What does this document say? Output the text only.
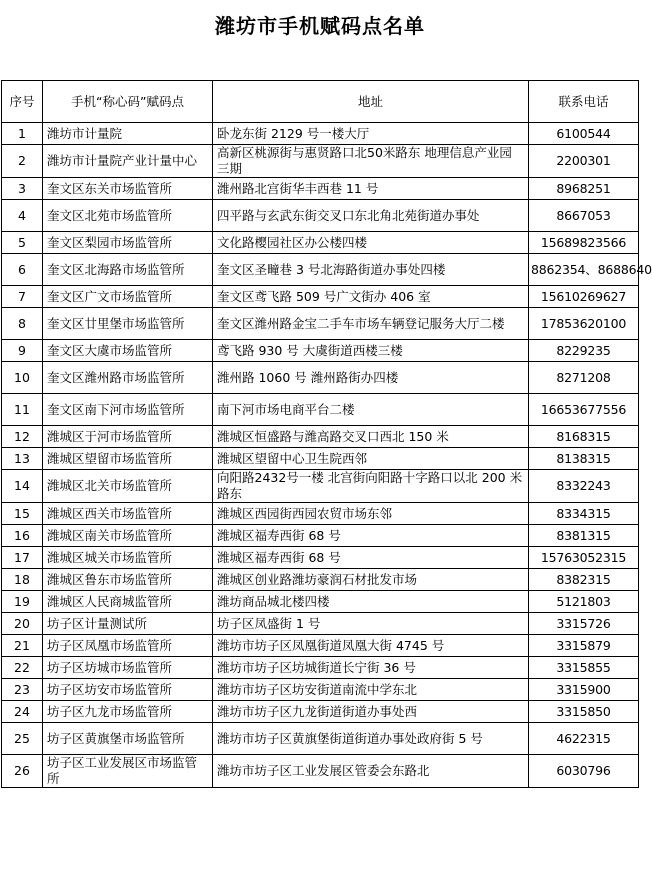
潍坊市手机赋码点名单
序号	手机“称心码”赋码点	地址	联系电话
1	潍坊市计量院	卧龙东街 2129 号一楼大厅	6100544
2	潍坊市计量院产业计量中心	高新区桃源街与惠贤路口北50米路东 地理信息产业园三期	2200301
3	奎文区东关市场监管所	潍州路北宫街华丰西巷 11 号	8968251
4	奎文区北苑市场监管所	四平路与玄武东街交叉口东北角北苑街道办事处	8667053
5	奎文区梨园市场监管所	文化路樱园社区办公楼四楼	15689823566
6	奎文区北海路市场监管所	奎文区圣疃巷 3 号北海路街道办事处四楼	8862354、8688640
7	奎文区广文市场监管所	奎文区鸢飞路 509 号广文街办 406 室	15610269627
8	奎文区廿里堡市场监管所	奎文区潍州路金宝二手车市场车辆登记服务大厅二楼	17853620100
9	奎文区大虞市场监管所	鸢飞路 930 号 大虞街道西楼三楼	8229235
10	奎文区潍州路市场监管所	潍州路 1060 号 潍州路街办四楼	8271208
11	奎文区南下河市场监管所	南下河市场电商平台二楼	16653677556
12	潍城区于河市场监管所	潍城区恒盛路与潍高路交叉口西北 150 米	8168315
13	潍城区望留市场监管所	潍城区望留中心卫生院西邻	8138315
14	潍城区北关市场监管所	向阳路2432号一楼 北宫街向阳路十字路口以北 200 米路东	8332243
15	潍城区西关市场监管所	潍城区西园街西园农贸市场东邻	8334315
16	潍城区南关市场监管所	潍城区福寿西街 68 号	8381315
17	潍城区城关市场监管所	潍城区福寿西街 68 号	15763052315
18	潍城区鲁东市场监管所	潍城区创业路潍坊豪润石材批发市场	8382315
19	潍城区人民商城监管所	潍坊商品城北楼四楼	5121803
20	坊子区计量测试所	坊子区凤盛街 1 号	3315726
21	坊子区凤凰市场监管所	潍坊市坊子区凤凰街道凤凰大街 4745 号	3315879
22	坊子区坊城市场监管所	潍坊市坊子区坊城街道长宁街 36 号	3315855
23	坊子区坊安市场监管所	潍坊市坊子区坊安街道南流中学东北	3315900
24	坊子区九龙市场监管所	潍坊市坊子区九龙街道街道办事处西	3315850
25	坊子区黄旗堡市场监管所	潍坊市坊子区黄旗堡街道街道办事处政府街 5 号	4622315
26	坊子区工业发展区市场监管所	潍坊市坊子区工业发展区管委会东路北	6030796
